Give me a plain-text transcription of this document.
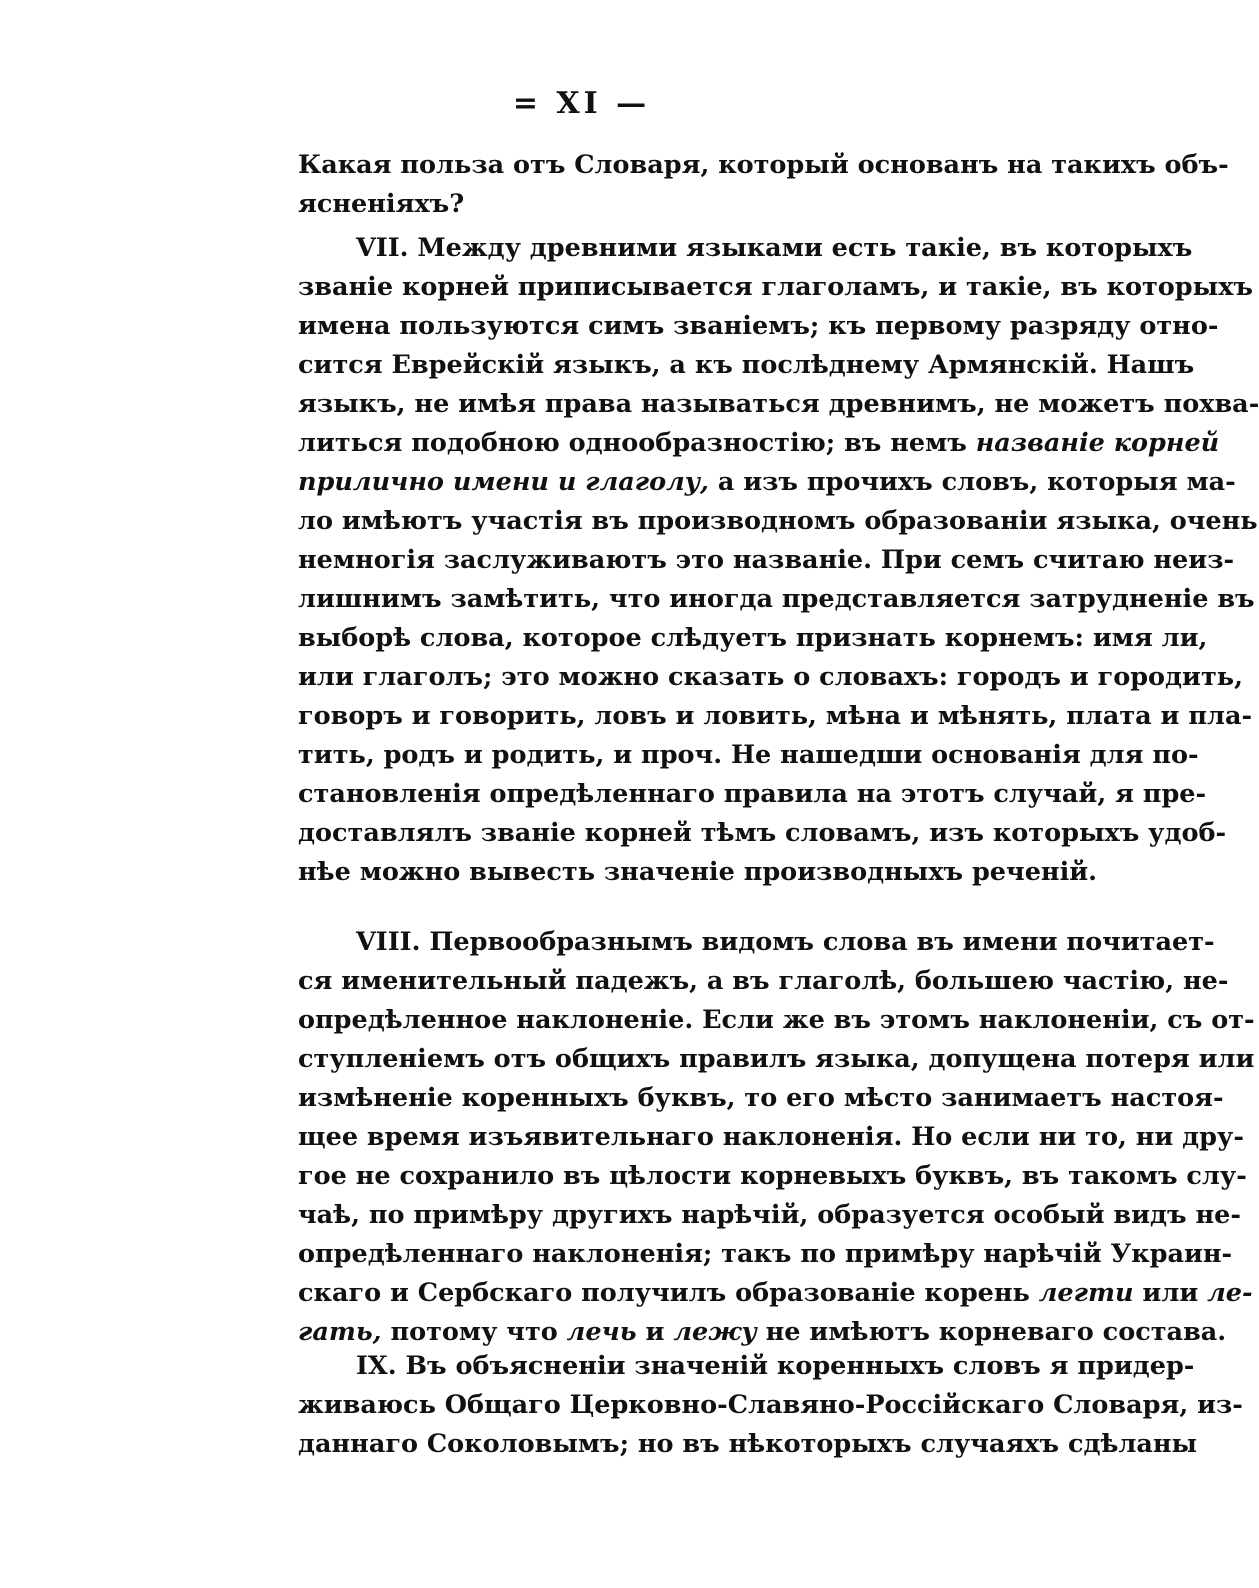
= XI —
Какая польза отъ Словаря, который основанъ на такихъ объ-
ясненіяхъ?
VII. Между древними языками есть такіе, въ которыхъ
званіе корней приписывается глаголамъ, и такіе, въ которыхъ
имена пользуются симъ званіемъ; къ первому разряду отно-
сится Еврейскій языкъ, а къ послѣднему Армянскій. Нашъ
языкъ, не имѣя права называться древнимъ, не можетъ похва-
литься подобною однообразностію; въ немъ названіе корней
прилично имени и глаголу, а изъ прочихъ словъ, которыя ма-
ло имѣютъ участія въ производномъ образованіи языка, очень
немногія заслуживаютъ это названіе. При семъ считаю неиз-
лишнимъ замѣтить, что иногда представляется затрудненіе въ
выборѣ слова, которое слѣдуетъ признать корнемъ: имя ли,
или глаголъ; это можно сказать о словахъ: городъ и городить,
говоръ и говорить, ловъ и ловить, мѣна и мѣнять, плата и пла-
тить, родъ и родить, и проч. Не нашедши основанія для по-
становленія опредѣленнаго правила на этотъ случай, я пре-
доставлялъ званіе корней тѣмъ словамъ, изъ которыхъ удоб-
нѣе можно вывесть значеніе производныхъ реченій.
VIII. Первообразнымъ видомъ слова въ имени почитает-
ся именительный падежъ, а въ глаголѣ, большею частію, не-
опредѣленное наклоненіе. Если же въ этомъ наклоненіи, съ от-
ступленіемъ отъ общихъ правилъ языка, допущена потеря или
измѣненіе коренныхъ буквъ, то его мѣсто занимаетъ настоя-
щее время изъявительнаго наклоненія. Но если ни то, ни дру-
гое не сохранило въ цѣлости корневыхъ буквъ, въ такомъ слу-
чаѣ, по примѣру другихъ нарѣчій, образуется особый видъ не-
опредѣленнаго наклоненія; такъ по примѣру нарѣчій Украин-
скаго и Сербскаго получилъ образованіе корень легти или ле-
гать, потому что лечь и лежу не имѣютъ корневаго состава.
IX. Въ объясненіи значеній коренныхъ словъ я придер-
живаюсь Общаго Церковно-Славяно-Россійскаго Словаря, из-
даннаго Соколовымъ; но въ нѣкоторыхъ случаяхъ сдѣланы
